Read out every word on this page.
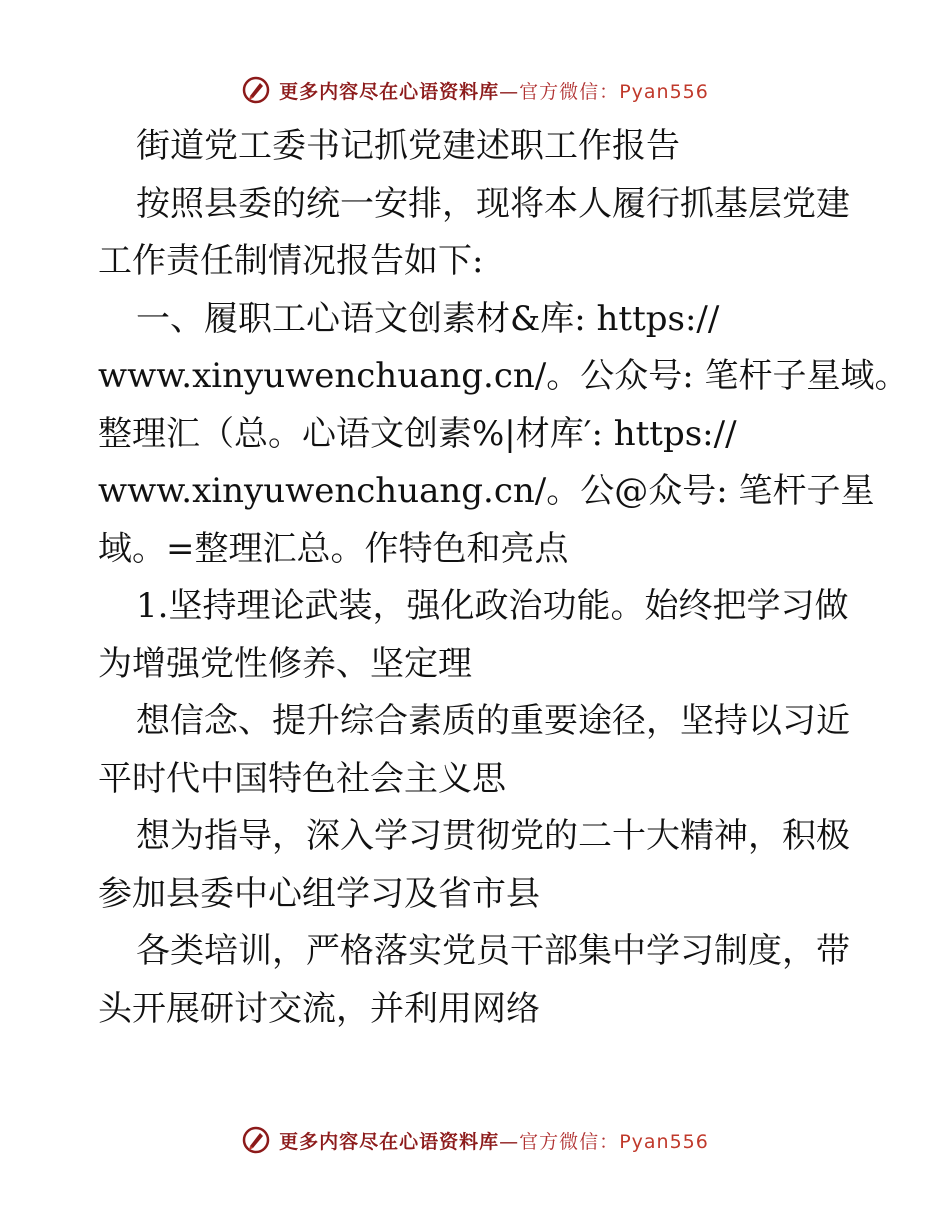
更多内容尽在心语资料库—官方微信：Pyan556

街道党工委书记抓党建述职工作报告

按照县委的统一安排，现将本人履行抓基层党建

工作责任制情况报告如下:

一、履职工心语文创素材&库: https://

www.xinyuwenchuang.cn/。公众号: 笔杆子星域。

整理汇（总。心语文创素%|材库′: https://

www.xinyuwenchuang.cn/。公@众号: 笔杆子星

域。=整理汇总。作特色和亮点

1.坚持理论武装，强化政治功能。始终把学习做

为增强党性修养、坚定理

想信念、提升综合素质的重要途径，坚持以习近

平时代中国特色社会主义思

想为指导，深入学习贯彻党的二十大精神，积极

参加县委中心组学习及省市县

各类培训，严格落实党员干部集中学习制度，带

头开展研讨交流，并利用网络

更多内容尽在心语资料库—官方微信：Pyan556
